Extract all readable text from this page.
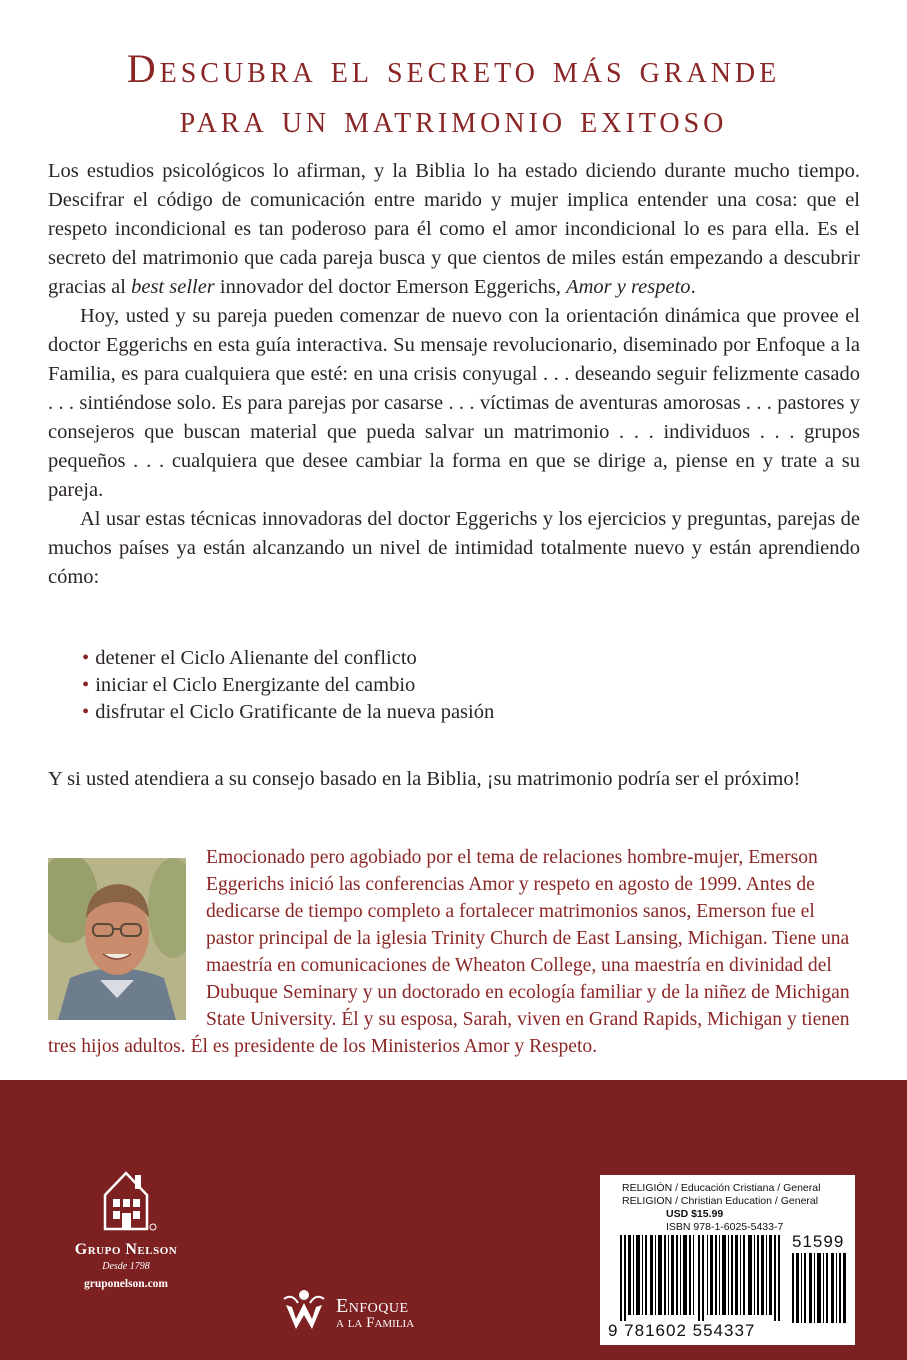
Descubra el secreto más grande
para un matrimonio exitoso

Los estudios psicológicos lo afirman, y la Biblia lo ha estado diciendo durante mucho tiempo. Descifrar el código de comunicación entre marido y mujer implica entender una cosa: que el respeto incondicional es tan poderoso para él como el amor incondicional lo es para ella. Es el secreto del matrimonio que cada pareja busca y que cientos de miles están empezando a descubrir gracias al best seller innovador del doctor Emerson Eggerichs, Amor y respeto.

Hoy, usted y su pareja pueden comenzar de nuevo con la orientación dinámica que provee el doctor Eggerichs en esta guía interactiva. Su mensaje revolucionario, diseminado por Enfoque a la Familia, es para cualquiera que esté: en una crisis conyugal . . . deseando seguir felizmente casado . . . sintiéndose solo. Es para parejas por casarse . . . víctimas de aventuras amorosas . . . pastores y consejeros que buscan material que pueda salvar un matrimonio . . . individuos . . . grupos pequeños . . . cualquiera que desee cambiar la forma en que se dirige a, piense en y trate a su pareja.

Al usar estas técnicas innovadoras del doctor Eggerichs y los ejercicios y preguntas, parejas de muchos países ya están alcanzando un nivel de intimidad totalmente nuevo y están aprendiendo cómo:

• detener el Ciclo Alienante del conflicto
• iniciar el Ciclo Energizante del cambio
• disfrutar el Ciclo Gratificante de la nueva pasión

Y si usted atendiera a su consejo basado en la Biblia, ¡su matrimonio podría ser el próximo!

Emocionado pero agobiado por el tema de relaciones hombre-mujer, Emerson Eggerichs inició las conferencias Amor y respeto en agosto de 1999. Antes de dedicarse de tiempo completo a fortalecer matrimonios sanos, Emerson fue el pastor principal de la iglesia Trinity Church de East Lansing, Michigan. Tiene una maestría en comunicaciones de Wheaton College, una maestría en divinidad del Dubuque Seminary y un doctorado en ecología familiar y de la niñez de Michigan State University. Él y su esposa, Sarah, viven en Grand Rapids, Michigan y tienen tres hijos adultos. Él es presidente de los Ministerios Amor y Respeto.
Grupo Nelson
Desde 1798
gruponelson.com
Enfoque
a la Familia
RELIGIÓN / Educación Cristiana / General
RELIGION / Christian Education / General
USD $15.99
ISBN 978-1-6025-5433-7
51599
9 781602 554337
